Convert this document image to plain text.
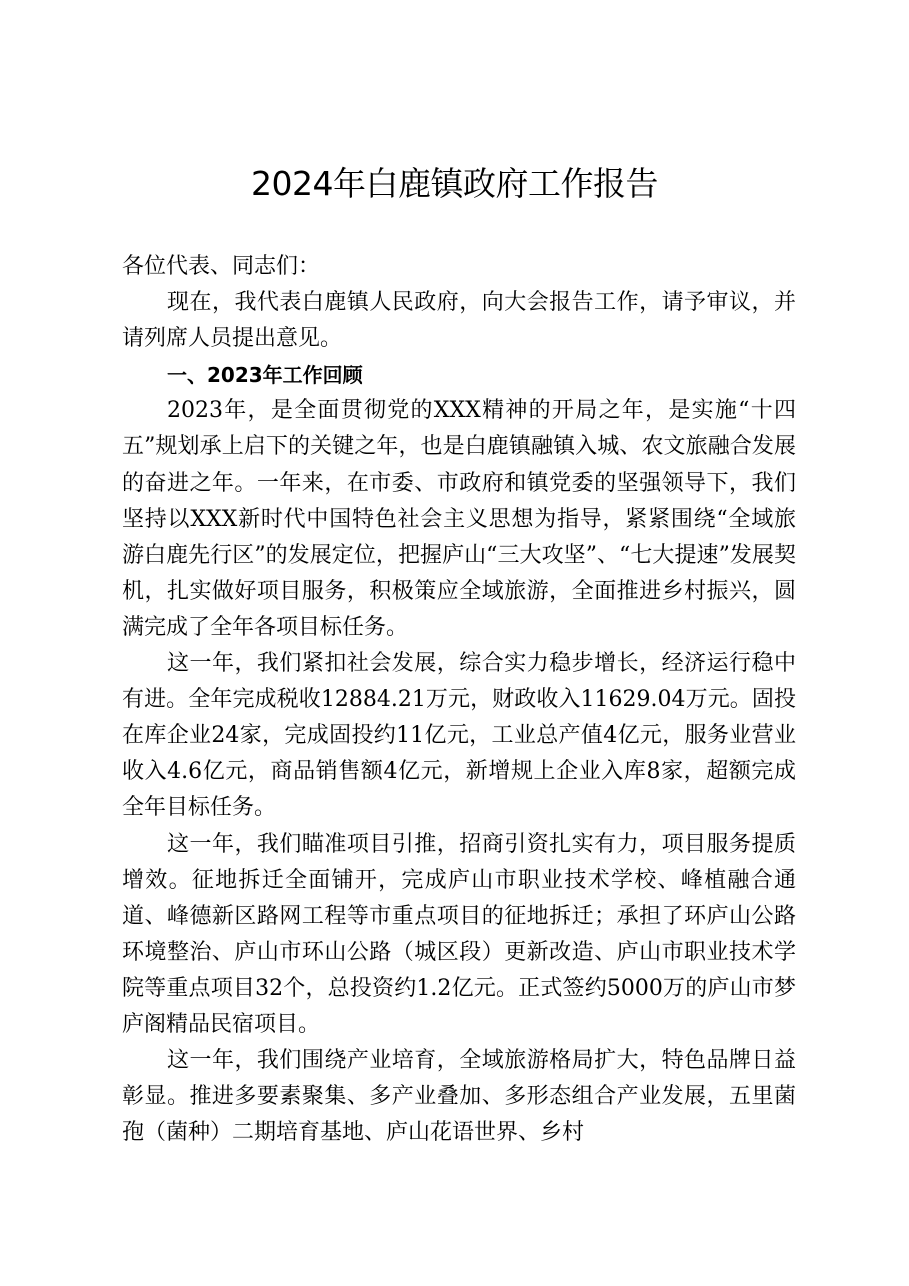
2024年白鹿镇政府工作报告

各位代表、同志们：

现在，我代表白鹿镇人民政府，向大会报告工作，请予审议，并请列席人员提出意见。

一、2023年工作回顾

2023年，是全面贯彻党的XXX精神的开局之年，是实施“十四五”规划承上启下的关键之年，也是白鹿镇融镇入城、农文旅融合发展的奋进之年。一年来，在市委、市政府和镇党委的坚强领导下，我们坚持以XXX新时代中国特色社会主义思想为指导，紧紧围绕“全域旅游白鹿先行区”的发展定位，把握庐山“三大攻坚”、“七大提速”发展契机，扎实做好项目服务，积极策应全域旅游，全面推进乡村振兴，圆满完成了全年各项目标任务。

这一年，我们紧扣社会发展，综合实力稳步增长，经济运行稳中有进。全年完成税收12884.21万元，财政收入11629.04万元。固投在库企业24家，完成固投约11亿元，工业总产值4亿元，服务业营业收入4.6亿元，商品销售额4亿元，新增规上企业入库8家，超额完成全年目标任务。

这一年，我们瞄准项目引推，招商引资扎实有力，项目服务提质增效。征地拆迁全面铺开，完成庐山市职业技术学校、峰植融合通道、峰德新区路网工程等市重点项目的征地拆迁；承担了环庐山公路环境整治、庐山市环山公路（城区段）更新改造、庐山市职业技术学院等重点项目32个，总投资约1.2亿元。正式签约5000万的庐山市梦庐阁精品民宿项目。

这一年，我们围绕产业培育，全域旅游格局扩大，特色品牌日益彰显。推进多要素聚集、多产业叠加、多形态组合产业发展，五里菌孢（菌种）二期培育基地、庐山花语世界、乡村
